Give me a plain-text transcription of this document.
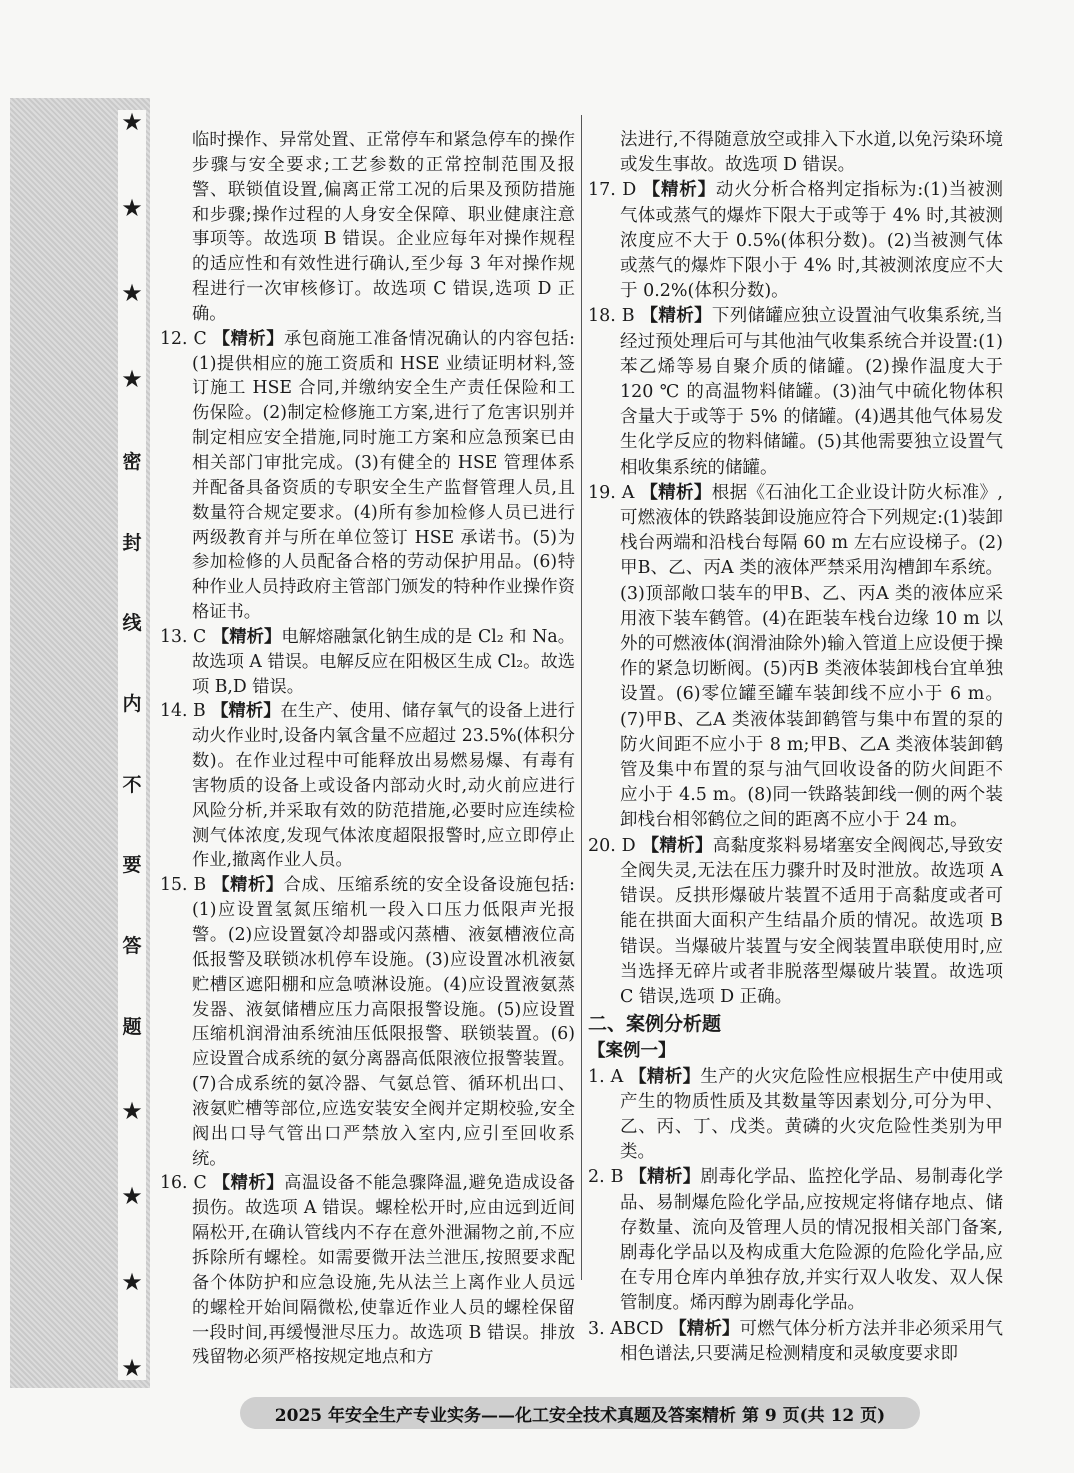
★
★
★
★
密
封
线
内
不
要
答
题
★
★
★
★

临时操作、异常处置、正常停车和紧急停车的操作步骤与安全要求;工艺参数的正常控制范围及报警、联锁值设置,偏离正常工况的后果及预防措施和步骤;操作过程的人身安全保障、职业健康注意事项等。故选项 B 错误。企业应每年对操作规程的适应性和有效性进行确认,至少每 3 年对操作规程进行一次审核修订。故选项 C 错误,选项 D 正确。

12. C 【精析】承包商施工准备情况确认的内容包括:(1)提供相应的施工资质和 HSE 业绩证明材料,签订施工 HSE 合同,并缴纳安全生产责任保险和工伤保险。(2)制定检修施工方案,进行了危害识别并制定相应安全措施,同时施工方案和应急预案已由相关部门审批完成。(3)有健全的 HSE 管理体系并配备具备资质的专职安全生产监督管理人员,且数量符合规定要求。(4)所有参加检修人员已进行两级教育并与所在单位签订 HSE 承诺书。(5)为参加检修的人员配备合格的劳动保护用品。(6)特种作业人员持政府主管部门颁发的特种作业操作资格证书。

13. C 【精析】电解熔融氯化钠生成的是 Cl₂ 和 Na。故选项 A 错误。电解反应在阳极区生成 Cl₂。故选项 B,D 错误。

14. B 【精析】在生产、使用、储存氧气的设备上进行动火作业时,设备内氧含量不应超过 23.5%(体积分数)。在作业过程中可能释放出易燃易爆、有毒有害物质的设备上或设备内部动火时,动火前应进行风险分析,并采取有效的防范措施,必要时应连续检测气体浓度,发现气体浓度超限报警时,应立即停止作业,撤离作业人员。

15. B 【精析】合成、压缩系统的安全设备设施包括:(1)应设置氢氮压缩机一段入口压力低限声光报警。(2)应设置氨冷却器或闪蒸槽、液氨槽液位高低报警及联锁冰机停车设施。(3)应设置冰机液氨贮槽区遮阳棚和应急喷淋设施。(4)应设置液氨蒸发器、液氨储槽应压力高限报警设施。(5)应设置压缩机润滑油系统油压低限报警、联锁装置。(6)应设置合成系统的氨分离器高低限液位报警装置。(7)合成系统的氨冷器、气氨总管、循环机出口、液氨贮槽等部位,应选安装安全阀并定期校验,安全阀出口导气管出口严禁放入室内,应引至回收系统。

16. C 【精析】高温设备不能急骤降温,避免造成设备损伤。故选项 A 错误。螺栓松开时,应由远到近间隔松开,在确认管线内不存在意外泄漏物之前,不应拆除所有螺栓。如需要微开法兰泄压,按照要求配备个体防护和应急设施,先从法兰上离作业人员远的螺栓开始间隔微松,使靠近作业人员的螺栓保留一段时间,再缓慢泄尽压力。故选项 B 错误。排放残留物必须严格按规定地点和方

法进行,不得随意放空或排入下水道,以免污染环境或发生事故。故选项 D 错误。

17. D 【精析】动火分析合格判定指标为:(1)当被测气体或蒸气的爆炸下限大于或等于 4% 时,其被测浓度应不大于 0.5%(体积分数)。(2)当被测气体或蒸气的爆炸下限小于 4% 时,其被测浓度应不大于 0.2%(体积分数)。

18. B 【精析】下列储罐应独立设置油气收集系统,当经过预处理后可与其他油气收集系统合并设置:(1)苯乙烯等易自聚介质的储罐。(2)操作温度大于 120 ℃ 的高温物料储罐。(3)油气中硫化物体积含量大于或等于 5% 的储罐。(4)遇其他气体易发生化学反应的物料储罐。(5)其他需要独立设置气相收集系统的储罐。

19. A 【精析】根据《石油化工企业设计防火标准》,可燃液体的铁路装卸设施应符合下列规定:(1)装卸栈台两端和沿栈台每隔 60 m 左右应设梯子。(2)甲B、乙、丙A 类的液体严禁采用沟槽卸车系统。(3)顶部敞口装车的甲B、乙、丙A 类的液体应采用液下装车鹤管。(4)在距装车栈台边缘 10 m 以外的可燃液体(润滑油除外)输入管道上应设便于操作的紧急切断阀。(5)丙B 类液体装卸栈台宜单独设置。(6)零位罐至罐车装卸线不应小于 6 m。(7)甲B、乙A 类液体装卸鹤管与集中布置的泵的防火间距不应小于 8 m;甲B、乙A 类液体装卸鹤管及集中布置的泵与油气回收设备的防火间距不应小于 4.5 m。(8)同一铁路装卸线一侧的两个装卸栈台相邻鹤位之间的距离不应小于 24 m。

20. D 【精析】高黏度浆料易堵塞安全阀阀芯,导致安全阀失灵,无法在压力骤升时及时泄放。故选项 A 错误。反拱形爆破片装置不适用于高黏度或者可能在拱面大面积产生结晶介质的情况。故选项 B 错误。当爆破片装置与安全阀装置串联使用时,应当选择无碎片或者非脱落型爆破片装置。故选项 C 错误,选项 D 正确。

二、案例分析题

【案例一】

1. A 【精析】生产的火灾危险性应根据生产中使用或产生的物质性质及其数量等因素划分,可分为甲、乙、丙、丁、戊类。黄磷的火灾危险性类别为甲类。

2. B 【精析】剧毒化学品、监控化学品、易制毒化学品、易制爆危险化学品,应按规定将储存地点、储存数量、流向及管理人员的情况报相关部门备案,剧毒化学品以及构成重大危险源的危险化学品,应在专用仓库内单独存放,并实行双人收发、双人保管制度。烯丙醇为剧毒化学品。

3. ABCD 【精析】可燃气体分析方法并非必须采用气相色谱法,只要满足检测精度和灵敏度要求即

2025 年安全生产专业实务——化工安全技术真题及答案精析 第 9 页(共 12 页)
